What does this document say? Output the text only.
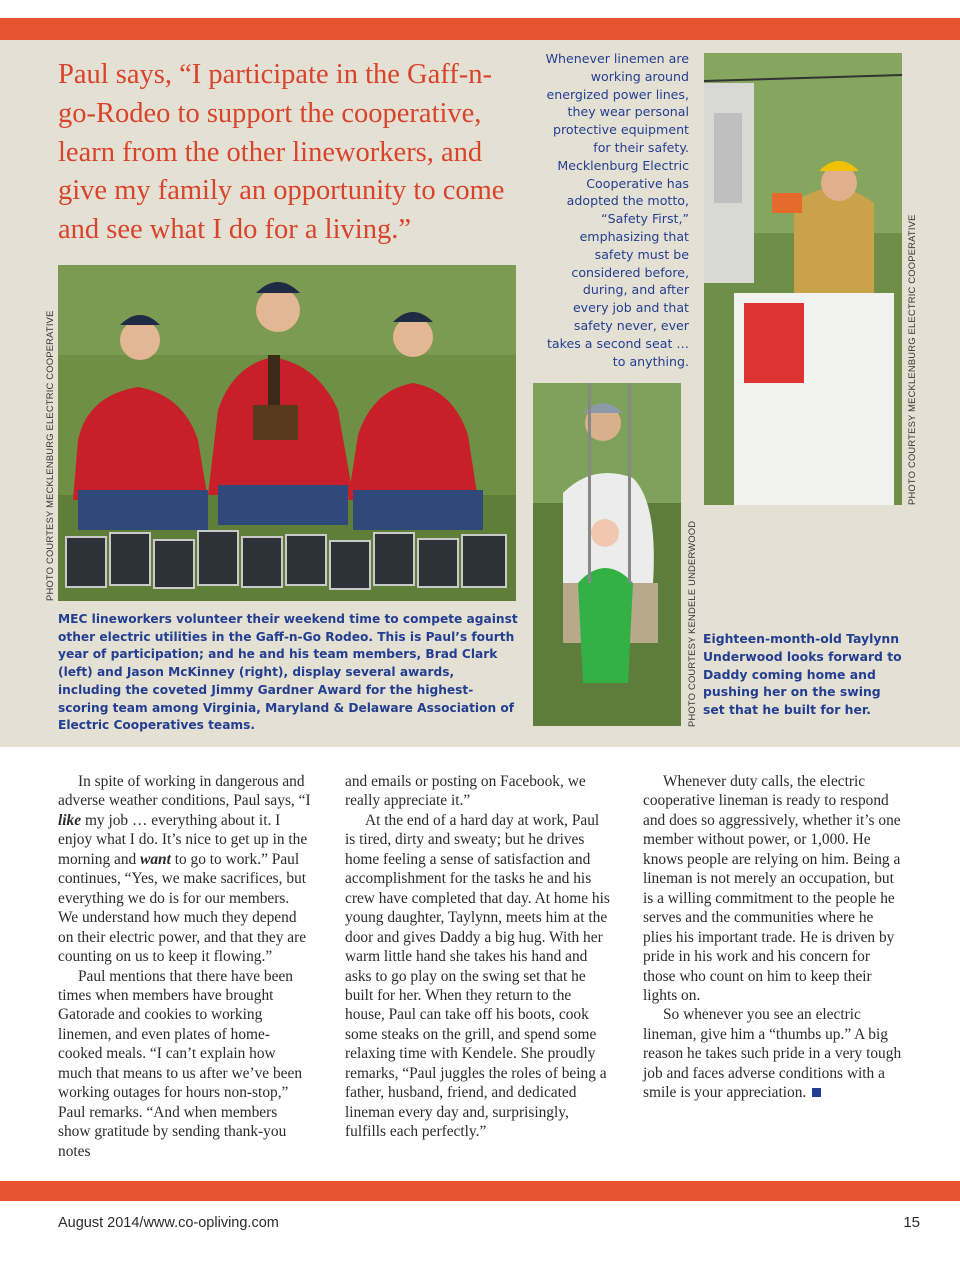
Paul says, “I participate in the Gaff-n-go-Rodeo to support the cooperative, learn from the other lineworkers, and give my family an opportunity to come and see what I do for a living.”

Whenever linemen are working around energized power lines, they wear personal protective equipment for their safety. Mecklenburg Electric Cooperative has adopted the motto, “Safety First,” emphasizing that safety must be considered before, during, and after every job and that safety never, ever takes a second seat … to anything.

MEC lineworkers volunteer their weekend time to compete against other electric utilities in the Gaff-n-Go Rodeo. This is Paul’s fourth year of participation; and he and his team members, Brad Clark (left) and Jason McKinney (right), display several awards, including the coveted Jimmy Gardner Award for the highest-scoring team among Virginia, Maryland & Delaware Association of Electric Cooperatives teams.

Eighteen-month-old Taylynn Underwood looks forward to Daddy coming home and pushing her on the swing set that he built for her.

PHOTO COURTESY MECKLENBURG ELECTRIC COOPERATIVE
PHOTO COURTESY KENDELE UNDERWOOD
PHOTO COURTESY MECKLENBURG ELECTRIC COOPERATIVE

In spite of working in dangerous and adverse weather conditions, Paul says, “I like my job … everything about it. I enjoy what I do. It’s nice to get up in the morning and want to go to work.” Paul continues, “Yes, we make sacrifices, but everything we do is for our members. We understand how much they depend on their electric power, and that they are counting on us to keep it flowing.”

Paul mentions that there have been times when members have brought Gatorade and cookies to working linemen, and even plates of home-cooked meals. “I can’t explain how much that means to us after we’ve been working outages for hours non-stop,” Paul remarks. “And when members show gratitude by sending thank-you notes

and emails or posting on Facebook, we really appreciate it.”

At the end of a hard day at work, Paul is tired, dirty and sweaty; but he drives home feeling a sense of satisfaction and accomplishment for the tasks he and his crew have completed that day. At home his young daughter, Taylynn, meets him at the door and gives Daddy a big hug. With her warm little hand she takes his hand and asks to go play on the swing set that he built for her. When they return to the house, Paul can take off his boots, cook some steaks on the grill, and spend some relaxing time with Kendele. She proudly remarks, “Paul juggles the roles of being a father, husband, friend, and dedicated lineman every day and, surprisingly, fulfills each perfectly.”

Whenever duty calls, the electric cooperative lineman is ready to respond and does so aggressively, whether it’s one member without power, or 1,000. He knows people are relying on him. Being a lineman is not merely an occupation, but is a willing commitment to the people he serves and the communities where he plies his important trade. He is driven by pride in his work and his concern for those who count on him to keep their lights on.

So whenever you see an electric lineman, give him a “thumbs up.” A big reason he takes such pride in a very tough job and faces adverse conditions with a smile is your appreciation.

August 2014/www.co-opliving.com	15
